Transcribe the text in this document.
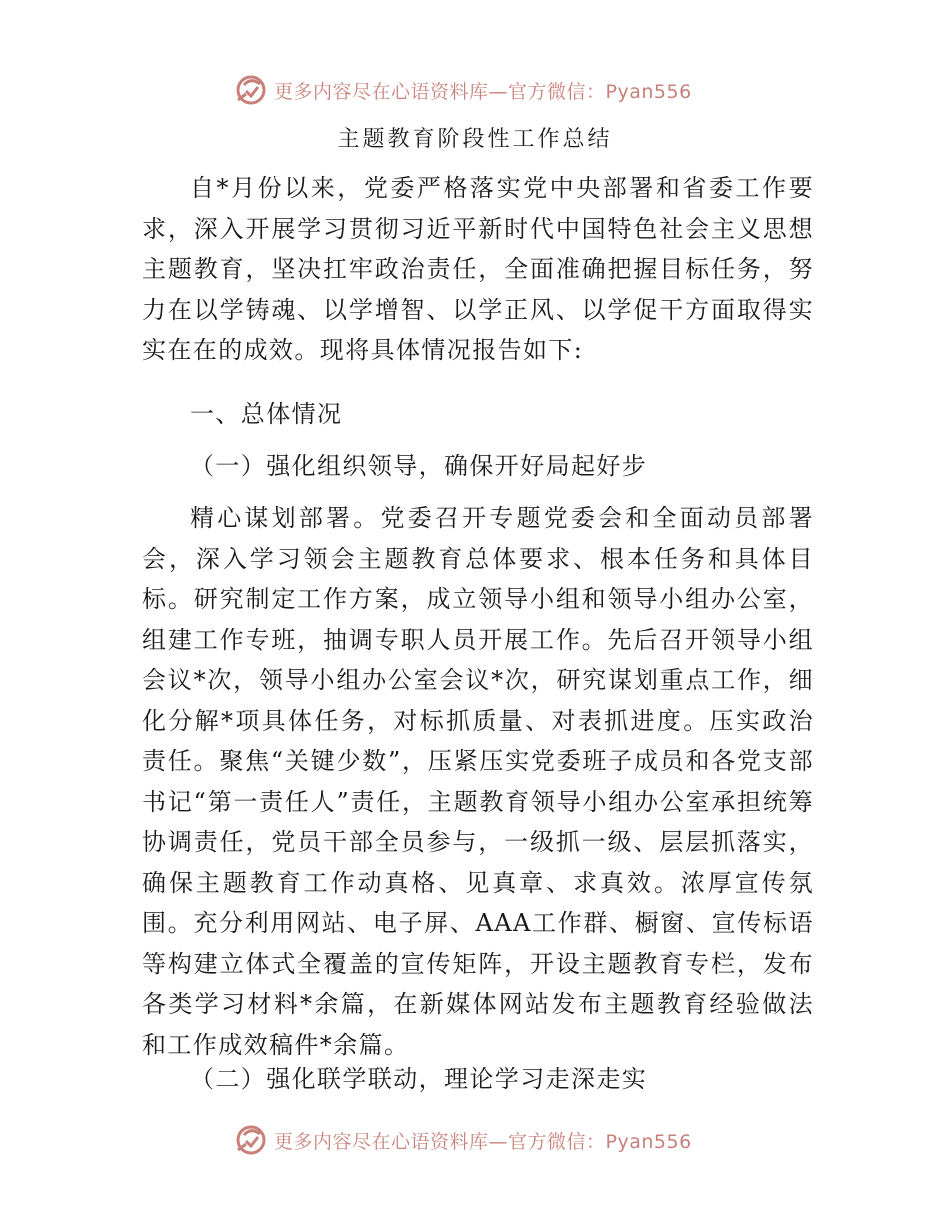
更多内容尽在心语资料库—官方微信：Pyan556
主题教育阶段性工作总结

自*月份以来，党委严格落实党中央部署和省委工作要求，深入开展学习贯彻习近平新时代中国特色社会主义思想主题教育，坚决扛牢政治责任，全面准确把握目标任务，努力在以学铸魂、以学增智、以学正风、以学促干方面取得实实在在的成效。现将具体情况报告如下:

一、总体情况
（一）强化组织领导，确保开好局起好步

精心谋划部署。党委召开专题党委会和全面动员部署会，深入学习领会主题教育总体要求、根本任务和具体目标。研究制定工作方案，成立领导小组和领导小组办公室，组建工作专班，抽调专职人员开展工作。先后召开领导小组会议*次，领导小组办公室会议*次，研究谋划重点工作，细化分解*项具体任务，对标抓质量、对表抓进度。压实政治责任。聚焦“关键少数”，压紧压实党委班子成员和各党支部书记“第一责任人”责任，主题教育领导小组办公室承担统筹协调责任，党员干部全员参与，一级抓一级、层层抓落实，确保主题教育工作动真格、见真章、求真效。浓厚宣传氛围。充分利用网站、电子屏、AAA工作群、橱窗、宣传标语等构建立体式全覆盖的宣传矩阵，开设主题教育专栏，发布各类学习材料*余篇，在新媒体网站发布主题教育经验做法和工作成效稿件*余篇。

（二）强化联学联动，理论学习走深走实
更多内容尽在心语资料库—官方微信：Pyan556
